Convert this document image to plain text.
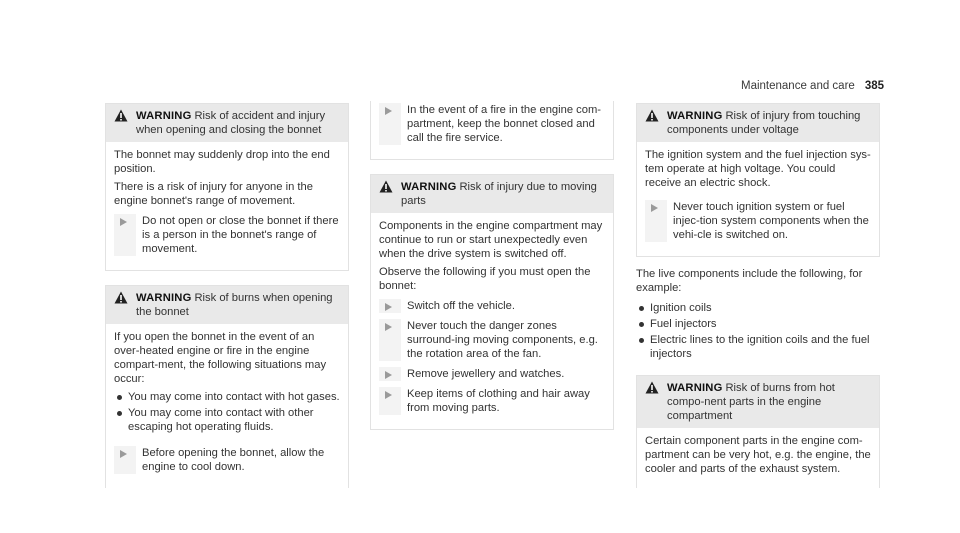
Maintenance and care 385
WARNING Risk of accident and injury when opening and closing the bonnet

The bonnet may suddenly drop into the end position.

There is a risk of injury for anyone in the engine bonnet's range of movement.

Do not open or close the bonnet if there is a person in the bonnet's range of movement.
WARNING Risk of burns when opening the bonnet

If you open the bonnet in the event of an over-heated engine or fire in the engine compart-ment, the following situations may occur:

You may come into contact with hot gases.
You may come into contact with other escaping hot operating fluids.
Before opening the bonnet, allow the engine to cool down.
In the event of a fire in the engine com-partment, keep the bonnet closed and call the fire service.
WARNING Risk of injury due to moving parts

Components in the engine compartment may continue to run or start unexpectedly even when the drive system is switched off.

Observe the following if you must open the bonnet:

Switch off the vehicle.
Never touch the danger zones surround-ing moving components, e.g. the rotation area of the fan.
Remove jewellery and watches.
Keep items of clothing and hair away from moving parts.
WARNING Risk of injury from touching components under voltage

The ignition system and the fuel injection sys-tem operate at high voltage. You could receive an electric shock.

Never touch ignition system or fuel injec-tion system components when the vehi-cle is switched on.

The live components include the following, for example:

Ignition coils
Fuel injectors
Electric lines to the ignition coils and the fuel injectors
WARNING Risk of burns from hot compo-nent parts in the engine compartment

Certain component parts in the engine com-partment can be very hot, e.g. the engine, the cooler and parts of the exhaust system.
